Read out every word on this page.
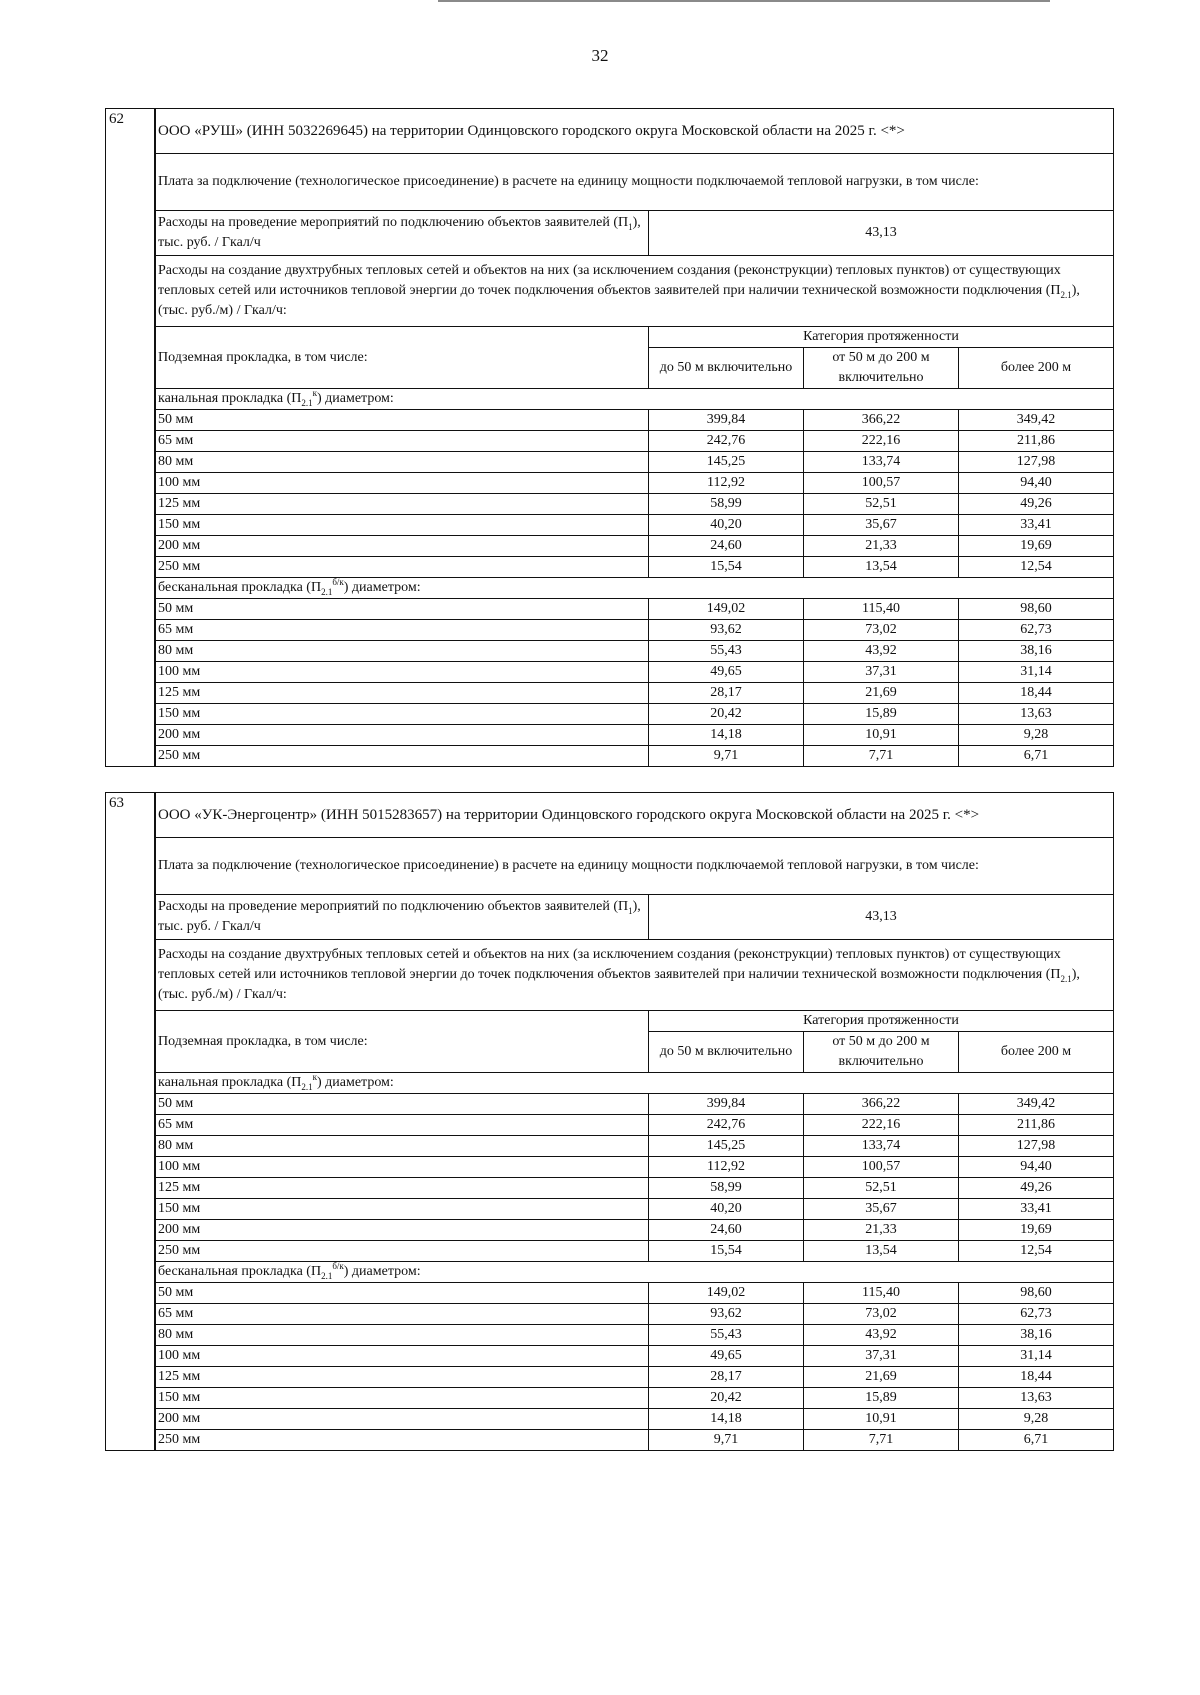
32
62
ООО «РУШ» (ИНН 5032269645) на территории Одинцовского городского округа Московской области на 2025 г. <*>			
Плата за подключение (технологическое присоединение) в расчете на единицу мощности подключаемой тепловой нагрузки, в том числе:			
Расходы на проведение мероприятий по подключению объектов заявителей $(П_1)$, тыс. руб. / Гкал/ч	43,13		
Расходы на создание двухтрубных тепловых сетей и объектов на них (за исключением создания (реконструкции) тепловых пунктов) от существующих тепловых сетей или источников тепловой энергии до точек подключения объектов заявителей при наличии технической возможности подключения $(П_{2.1})$, (тыс. руб./м) / Гкал/ч:			
Подземная прокладка, в том числе:	Категория протяженности		
	до 50 м включительно	от 50 м до 200 м включительно	более 200 м
канальная прокладка $(П_{2.1}^к)$ диаметром:			
50 мм	399,84	366,22	349,42
65 мм	242,76	222,16	211,86
80 мм	145,25	133,74	127,98
100 мм	112,92	100,57	94,40
125 мм	58,99	52,51	49,26
150 мм	40,20	35,67	33,41
200 мм	24,60	21,33	19,69
250 мм	15,54	13,54	12,54
бесканальная прокладка $(П_{2.1}^{б/к})$ диаметром:			
50 мм	149,02	115,40	98,60
65 мм	93,62	73,02	62,73
80 мм	55,43	43,92	38,16
100 мм	49,65	37,31	31,14
125 мм	28,17	21,69	18,44
150 мм	20,42	15,89	13,63
200 мм	14,18	10,91	9,28
250 мм	9,71	7,71	6,71
63
ООО «УК-Энергоцентр» (ИНН 5015283657) на территории Одинцовского городского округа Московской области на 2025 г. <*>			
Плата за подключение (технологическое присоединение) в расчете на единицу мощности подключаемой тепловой нагрузки, в том числе:			
Расходы на проведение мероприятий по подключению объектов заявителей $(П_1)$, тыс. руб. / Гкал/ч	43,13		
Расходы на создание двухтрубных тепловых сетей и объектов на них (за исключением создания (реконструкции) тепловых пунктов) от существующих тепловых сетей или источников тепловой энергии до точек подключения объектов заявителей при наличии технической возможности подключения $(П_{2.1})$, (тыс. руб./м) / Гкал/ч:			
Подземная прокладка, в том числе:	Категория протяженности		
	до 50 м включительно	от 50 м до 200 м включительно	более 200 м
канальная прокладка $(П_{2.1}^к)$ диаметром:			
50 мм	399,84	366,22	349,42
65 мм	242,76	222,16	211,86
80 мм	145,25	133,74	127,98
100 мм	112,92	100,57	94,40
125 мм	58,99	52,51	49,26
150 мм	40,20	35,67	33,41
200 мм	24,60	21,33	19,69
250 мм	15,54	13,54	12,54
бесканальная прокладка $(П_{2.1}^{б/к})$ диаметром:			
50 мм	149,02	115,40	98,60
65 мм	93,62	73,02	62,73
80 мм	55,43	43,92	38,16
100 мм	49,65	37,31	31,14
125 мм	28,17	21,69	18,44
150 мм	20,42	15,89	13,63
200 мм	14,18	10,91	9,28
250 мм	9,71	7,71	6,71
